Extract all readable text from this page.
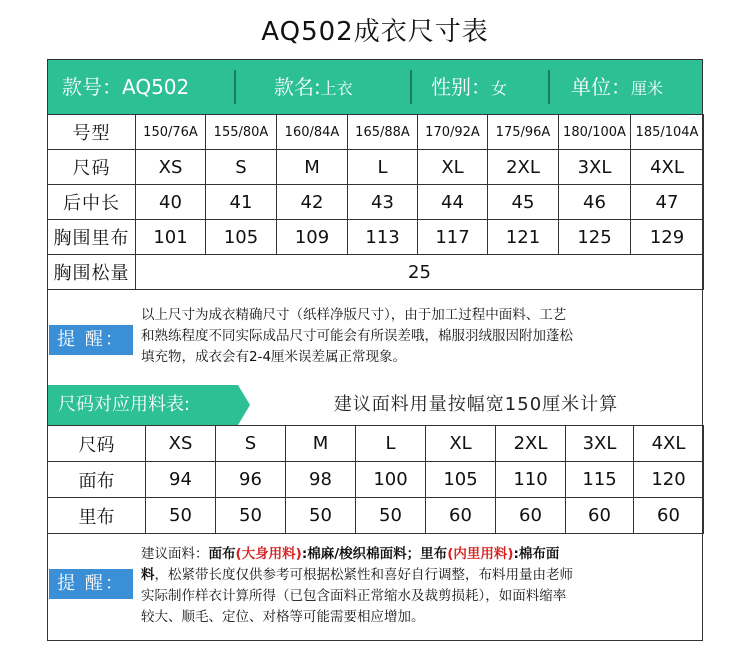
AQ502成衣尺寸表
款号：AQ502	款名:上衣	性别：女	单位：厘米
号型	150/76A	155/80A	160/84A	165/88A	170/92A	175/96A	180/100A	185/104A
尺码	XS	S	M	L	XL	2XL	3XL	4XL
后中长	40	41	42	43	44	45	46	47
胸围里布	101	105	109	113	117	121	125	129
胸围松量	25							
提 醒：
以上尺寸为成衣精确尺寸（纸样净版尺寸），由于加工过程中面料、工艺
和熟练程度不同实际成品尺寸可能会有所误差哦，棉服羽绒服因附加蓬松
填充物，成衣会有2-4厘米误差属正常现象。
尺码对应用料表:	建议面料用量按幅宽150厘米计算
尺码	XS	S	M	L	XL	2XL	3XL	4XL
面布	94	96	98	100	105	110	115	120
里布	50	50	50	50	60	60	60	60
提 醒：
建议面料：面布(大身用料):棉麻/梭织棉面料；里布(内里用料):棉布面
料，松紧带长度仅供参考可根据松紧性和喜好自行调整，布料用量由老师
实际制作样衣计算所得（已包含面料正常缩水及裁剪损耗），如面料缩率
较大、顺毛、定位、对格等可能需要相应增加。
